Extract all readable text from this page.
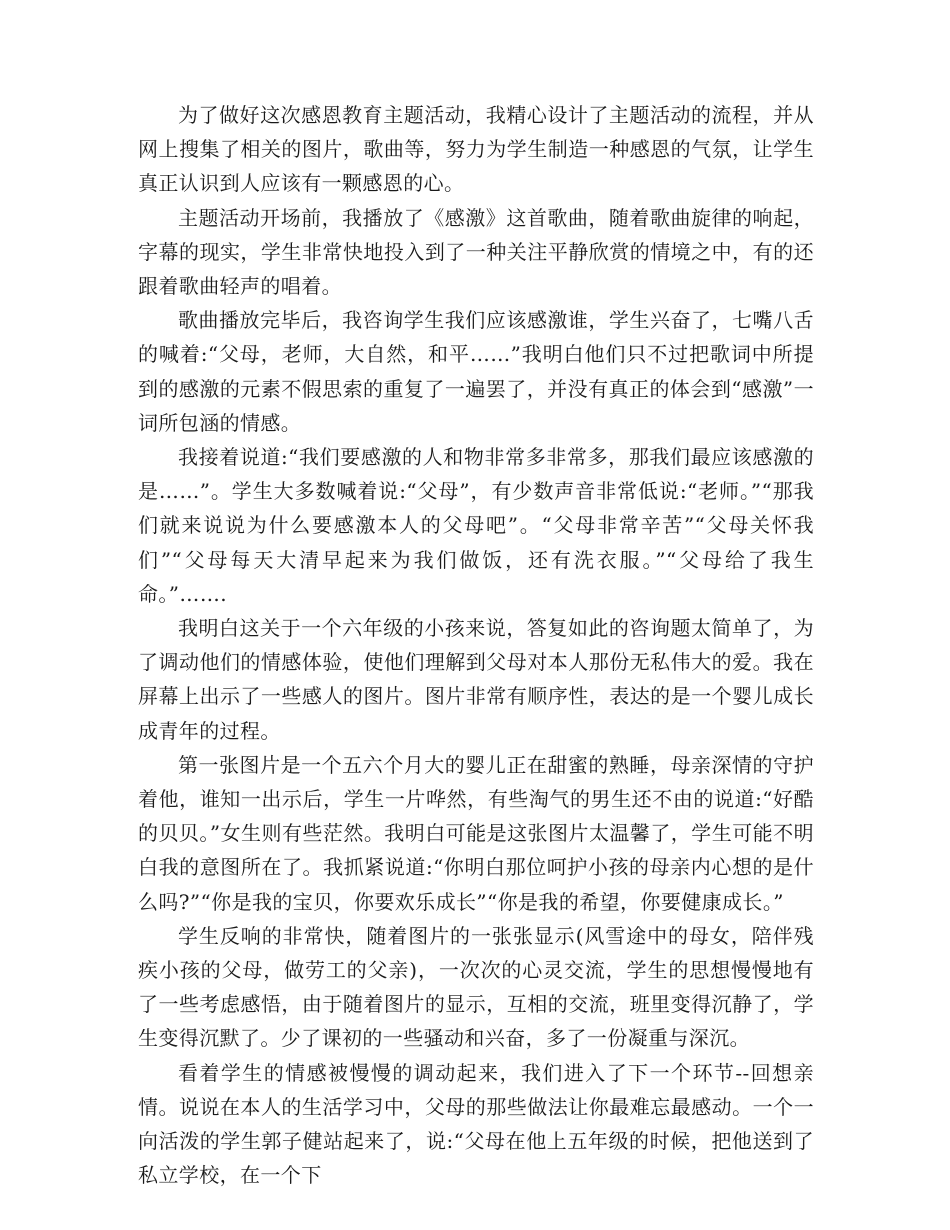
为了做好这次感恩教育主题活动，我精心设计了主题活动的流程，并从网上搜集了相关的图片，歌曲等，努力为学生制造一种感恩的气氛，让学生真正认识到人应该有一颗感恩的心。

主题活动开场前，我播放了《感激》这首歌曲，随着歌曲旋律的响起，字幕的现实，学生非常快地投入到了一种关注平静欣赏的情境之中，有的还跟着歌曲轻声的唱着。

歌曲播放完毕后，我咨询学生我们应该感激谁，学生兴奋了，七嘴八舌的喊着:“父母，老师，大自然，和平……”我明白他们只不过把歌词中所提到的感激的元素不假思索的重复了一遍罢了，并没有真正的体会到“感激”一词所包涵的情感。

我接着说道:“我们要感激的人和物非常多非常多，那我们最应该感激的是……”。学生大多数喊着说:“父母”，有少数声音非常低说:“老师。”“那我们就来说说为什么要感激本人的父母吧”。“父母非常辛苦”“父母关怀我们”“父母每天大清早起来为我们做饭，还有洗衣服。”“父母给了我生命。”…….

我明白这关于一个六年级的小孩来说，答复如此的咨询题太简单了，为了调动他们的情感体验，使他们理解到父母对本人那份无私伟大的爱。我在屏幕上出示了一些感人的图片。图片非常有顺序性，表达的是一个婴儿成长成青年的过程。

第一张图片是一个五六个月大的婴儿正在甜蜜的熟睡，母亲深情的守护着他，谁知一出示后，学生一片哗然，有些淘气的男生还不由的说道:“好酷的贝贝。”女生则有些茫然。我明白可能是这张图片太温馨了，学生可能不明白我的意图所在了。我抓紧说道:“你明白那位呵护小孩的母亲内心想的是什么吗?”“你是我的宝贝，你要欢乐成长”“你是我的希望，你要健康成长。”

学生反响的非常快，随着图片的一张张显示(风雪途中的母女，陪伴残疾小孩的父母，做劳工的父亲)，一次次的心灵交流，学生的思想慢慢地有了一些考虑感悟，由于随着图片的显示，互相的交流，班里变得沉静了，学生变得沉默了。少了课初的一些骚动和兴奋，多了一份凝重与深沉。

看着学生的情感被慢慢的调动起来，我们进入了下一个环节--回想亲情。说说在本人的生活学习中，父母的那些做法让你最难忘最感动。一个一向活泼的学生郭子健站起来了，说:“父母在他上五年级的时候，把他送到了私立学校，在一个下
